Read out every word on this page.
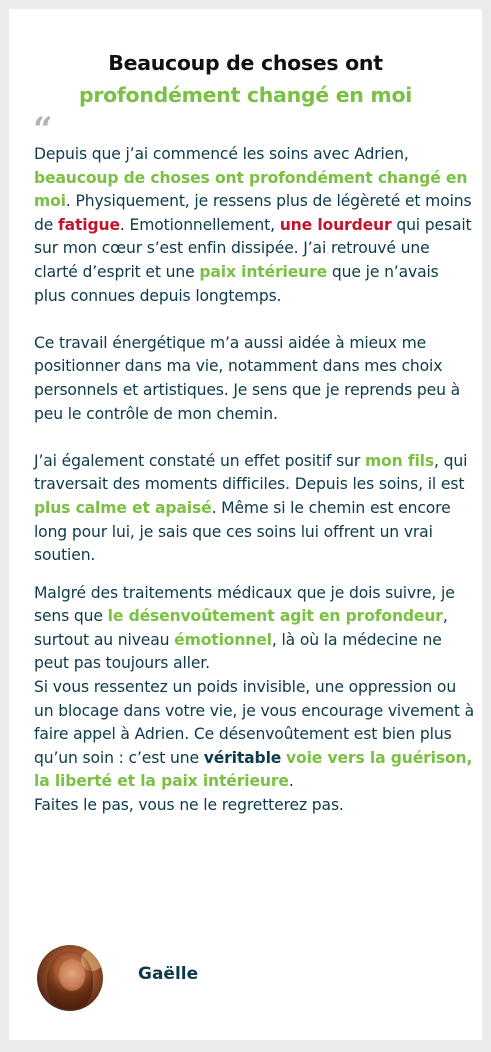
Beaucoup de choses ont
profondément changé en moi
“

Depuis que j’ai commencé les soins avec Adrien, beaucoup de choses ont profondément changé en moi. Physiquement, je ressens plus de légèreté et moins de fatigue. Emotionnellement, une lourdeur qui pesait sur mon cœur s’est enfin dissipée. J’ai retrouvé une clarté d’esprit et une paix intérieure que je n’avais plus connues depuis longtemps.

Ce travail énergétique m’a aussi aidée à mieux me positionner dans ma vie, notamment dans mes choix personnels et artistiques. Je sens que je reprends peu à peu le contrôle de mon chemin.

J’ai également constaté un effet positif sur mon fils, qui traversait des moments difficiles. Depuis les soins, il est plus calme et apaisé. Même si le chemin est encore long pour lui, je sais que ces soins lui offrent un vrai soutien.

Malgré des traitements médicaux que je dois suivre, je sens que le désenvoûtement agit en profondeur, surtout au niveau émotionnel, là où la médecine ne peut pas toujours aller.
Si vous ressentez un poids invisible, une oppression ou un blocage dans votre vie, je vous encourage vivement à faire appel à Adrien. Ce désenvoûtement est bien plus qu’un soin : c’est une véritable voie vers la guérison, la liberté et la paix intérieure.
Faites le pas, vous ne le regretterez pas.

Gaëlle
